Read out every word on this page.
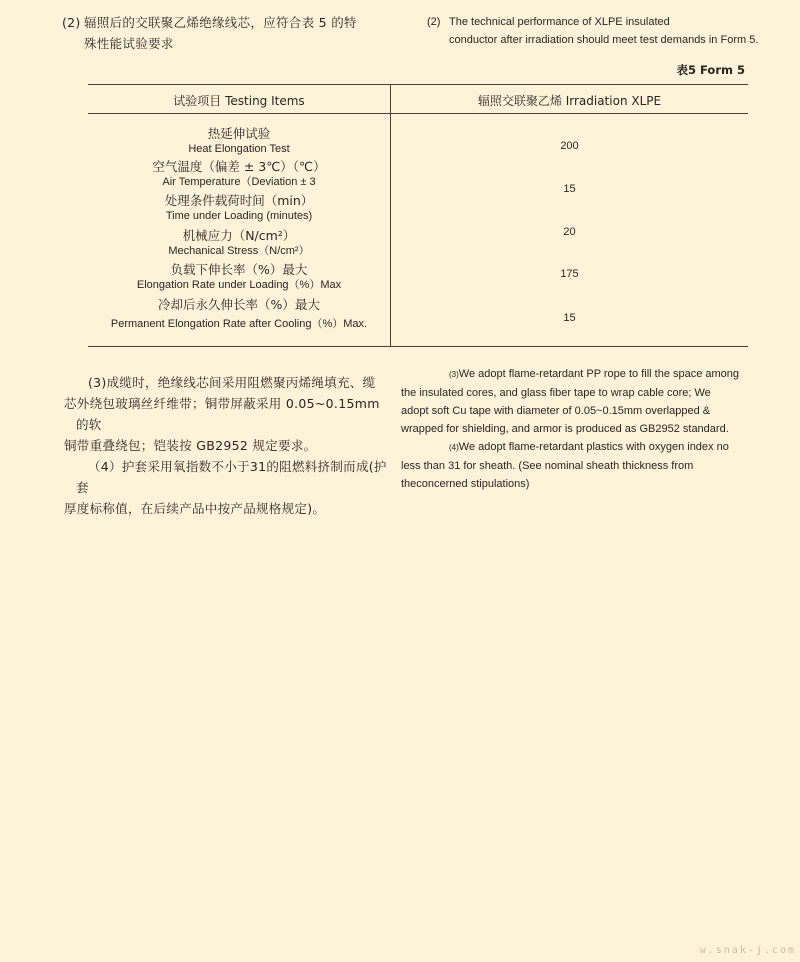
(2) 辐照后的交联聚乙烯绝缘线芯，应符合表 5 的特
殊性能试验要求
(2) The technical performance of XLPE insulated
conductor after irradiation should meet test demands in Form 5.
表5 Form 5
试验项目 Testing Items	辐照交联聚乙烯 Irradiation XLPE
热延伸试验
Heat Elongation Test
空气温度（偏差 ± 3℃）（℃）
Air Temperature（Deviation ± 3
处理条件载荷时间（min）
Time under Loading (minutes)
机械应力（N/cm²）
Mechanical Stress（N/cm²）
负载下伸长率（%）最大
Elongation Rate under Loading（%）Max
冷却后永久伸长率（%）最大
Permanent Elongation Rate after Cooling（%）Max.
200
15
20
175
15

(3)成缆时，绝缘线芯间采用阻燃聚丙烯绳填充、缆
芯外绕包玻璃丝纤维带；铜带屏蔽采用 0.05~0.15mm 的软
铜带重叠绕包；铠装按 GB2952 规定要求。

（4）护套采用氧指数不小于31的阻燃料挤制而成(护套
厚度标称值，在后续产品中按产品规格规定)。

(3)We adopt flame-retardant PP rope to fill the space among
the insulated cores, and glass fiber tape to wrap cable core; We
adopt soft Cu tape with diameter of 0.05~0.15mm overlapped &
wrapped for shielding, and armor is produced as GB2952 standard.

(4)We adopt flame-retardant plastics with oxygen index no
less than 31 for sheath. (See nominal sheath thickness from
theconcerned stipulations)

w.snak-j.com
